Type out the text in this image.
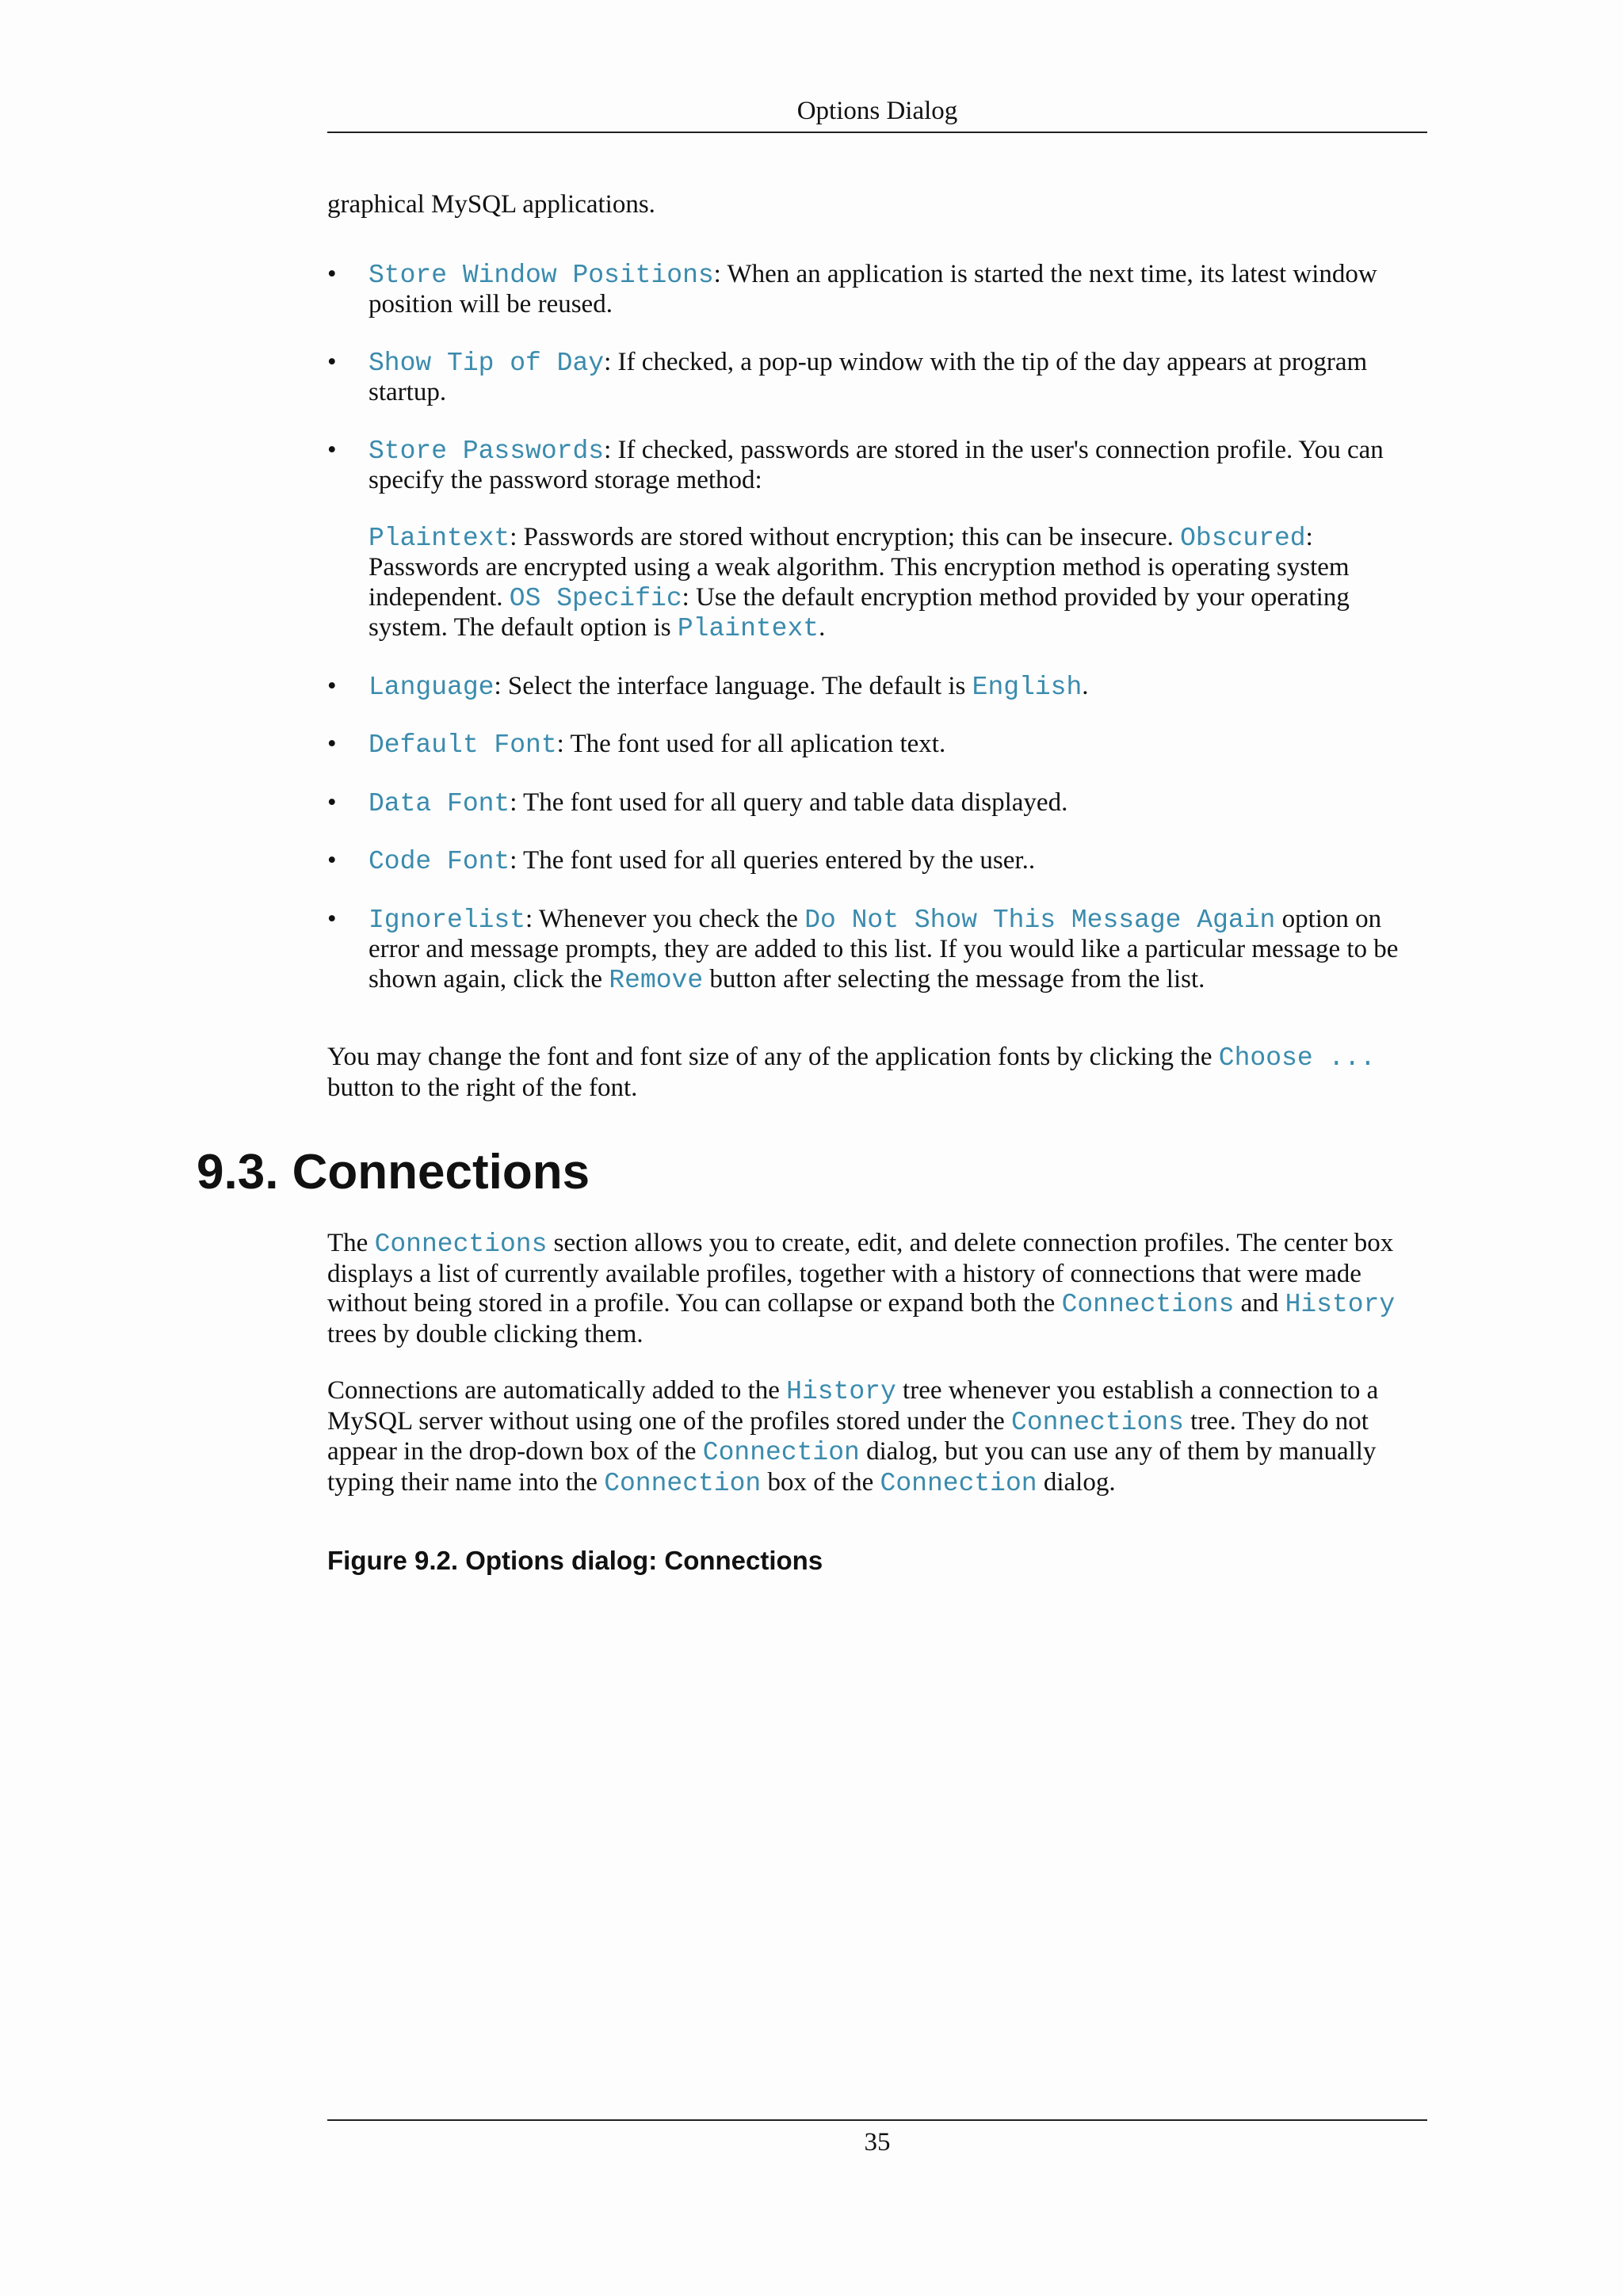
Options Dialog

graphical MySQL applications.

• Store Window Positions: When an application is started the next time, its latest window position will be reused.
• Show Tip of Day: If checked, a pop-up window with the tip of the day appears at program startup.
• Store Passwords: If checked, passwords are stored in the user's connection profile. You can specify the password storage method:

Plaintext: Passwords are stored without encryption; this can be insecure. Obscured: Passwords are encrypted using a weak algorithm. This encryption method is operating system independent. OS Specific: Use the default encryption method provided by your operating system. The default option is Plaintext.

• Language: Select the interface language. The default is English.
• Default Font: The font used for all aplication text.
• Data Font: The font used for all query and table data displayed.
• Code Font: The font used for all queries entered by the user..
• Ignorelist: Whenever you check the Do Not Show This Message Again option on error and message prompts, they are added to this list. If you would like a particular message to be shown again, click the Remove button after selecting the message from the list.

You may change the font and font size of any of the application fonts by clicking the Choose ... button to the right of the font.

9.3. Connections

The Connections section allows you to create, edit, and delete connection profiles. The center box displays a list of currently available profiles, together with a history of connections that were made without being stored in a profile. You can collapse or expand both the Connections and History trees by double clicking them.

Connections are automatically added to the History tree whenever you establish a connection to a MySQL server without using one of the profiles stored under the Connections tree. They do not appear in the drop-down box of the Connection dialog, but you can use any of them by manually typing their name into the Connection box of the Connection dialog.

Figure 9.2. Options dialog: Connections

35
